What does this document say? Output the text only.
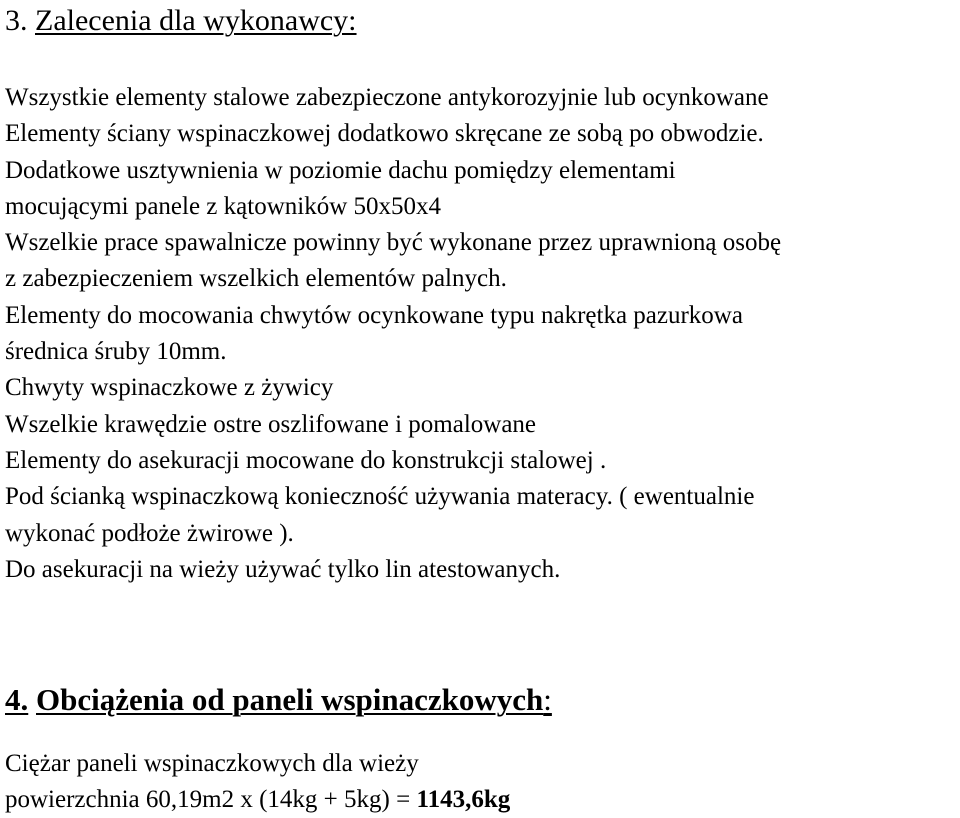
3. Zalecenia dla wykonawcy:
Wszystkie elementy stalowe zabezpieczone antykorozyjnie lub ocynkowane
Elementy ściany wspinaczkowej dodatkowo skręcane ze sobą po obwodzie.
Dodatkowe usztywnienia w poziomie dachu pomiędzy elementami
mocującymi panele z kątowników 50x50x4
Wszelkie prace spawalnicze powinny być wykonane przez uprawnioną osobę
z zabezpieczeniem wszelkich elementów palnych.
Elementy do mocowania chwytów ocynkowane typu nakrętka pazurkowa
średnica śruby 10mm.
Chwyty wspinaczkowe z żywicy
Wszelkie krawędzie ostre oszlifowane i pomalowane
Elementy do asekuracji mocowane do konstrukcji stalowej .
Pod ścianką wspinaczkową konieczność używania materacy. ( ewentualnie
wykonać podłoże żwirowe ).
Do asekuracji na wieży używać tylko lin atestowanych.
4. Obciążenia od paneli wspinaczkowych:
Ciężar paneli wspinaczkowych dla wieży
powierzchnia 60,19m2 x (14kg + 5kg) = 1143,6kg
